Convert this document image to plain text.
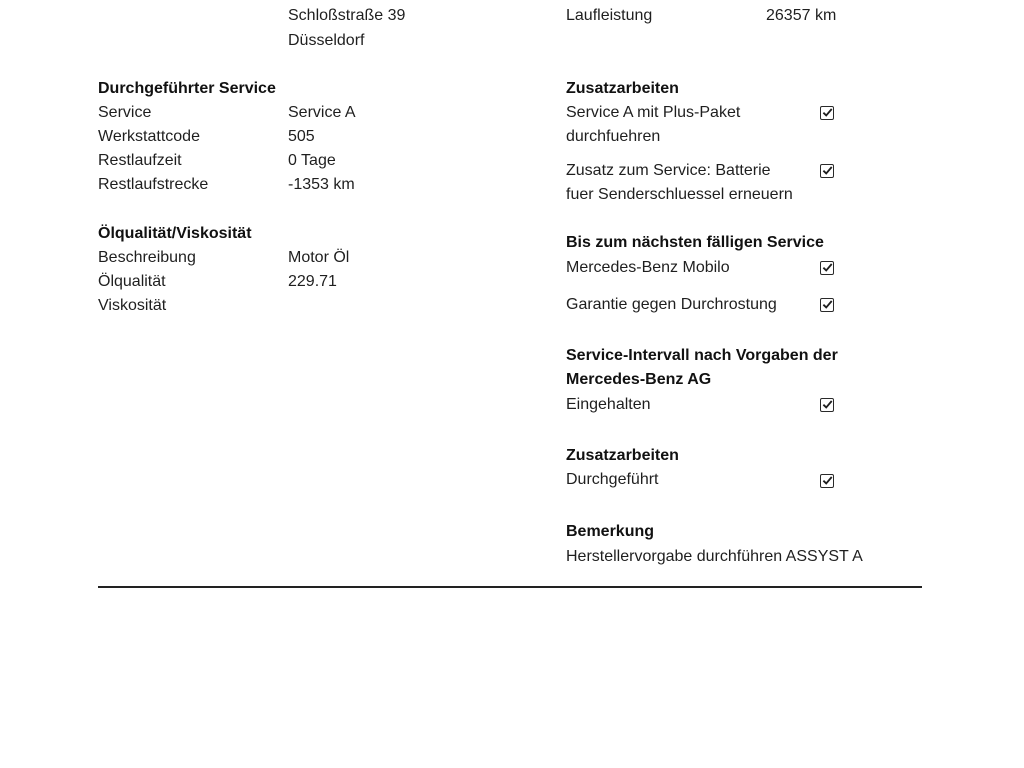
Schloßstraße 39
Düsseldorf
Laufleistung	26357 km
Durchgeführter Service
Service	Service A
Werkstattcode	505
Restlaufzeit	0 Tage
Restlaufstrecke	-1353 km
Ölqualität/Viskosität
Beschreibung	Motor Öl
Ölqualität	229.71
Viskosität
Zusatzarbeiten
Service A mit Plus-Paket
durchfuehren
Zusatz zum Service: Batterie
fuer Senderschluessel erneuern
Bis zum nächsten fälligen Service
Mercedes-Benz Mobilo
Garantie gegen Durchrostung
Service-Intervall nach Vorgaben der
Mercedes-Benz AG
Eingehalten
Zusatzarbeiten
Durchgeführt
Bemerkung
Herstellervorgabe durchführen ASSYST A
